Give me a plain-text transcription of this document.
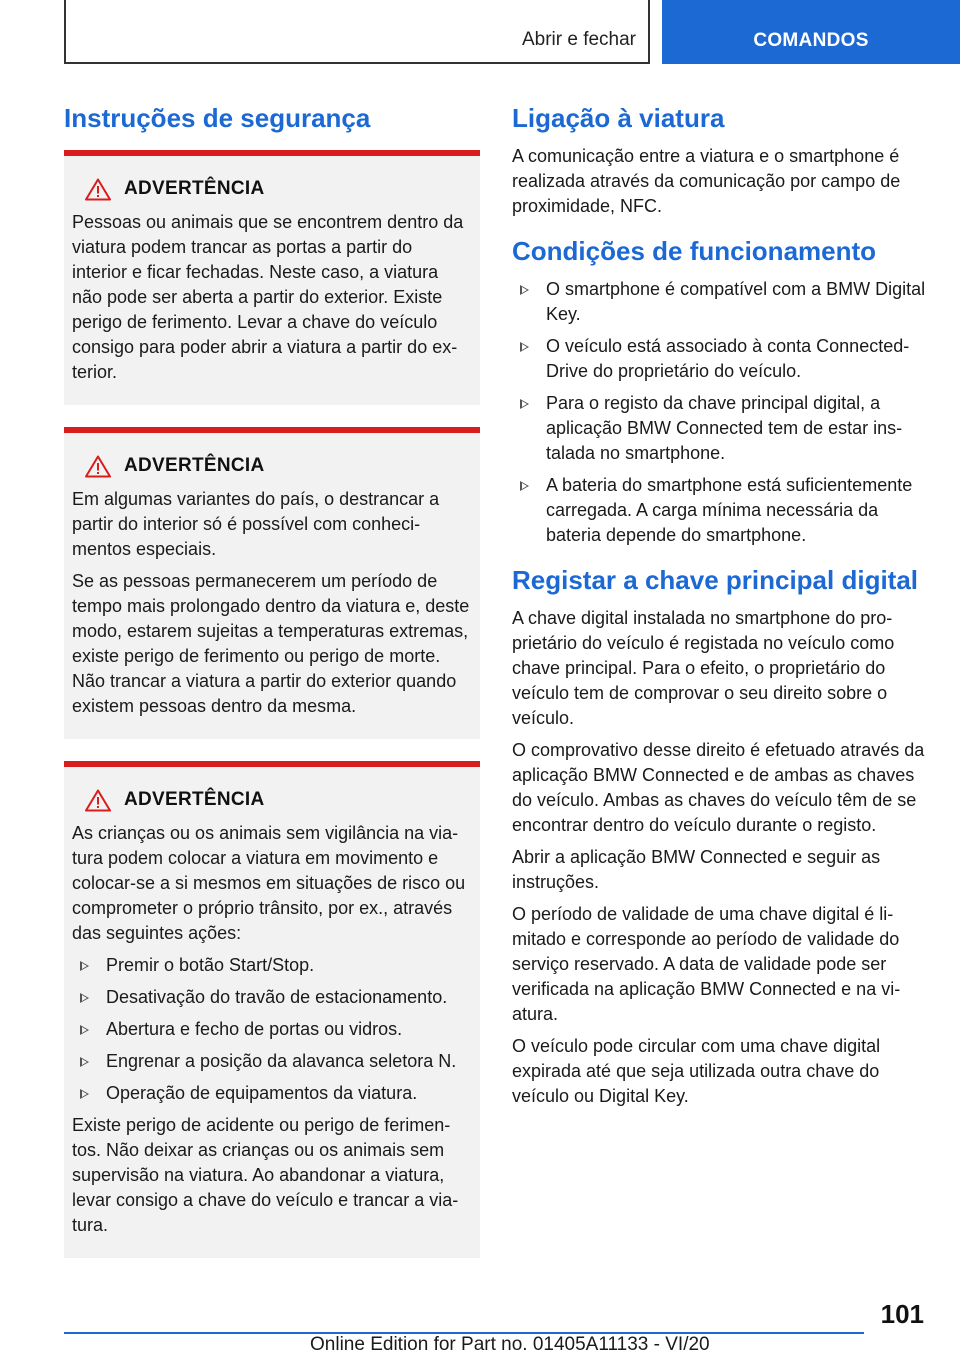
Abrir e fechar	COMANDOS
Instruções de segurança
ADVERTÊNCIA

Pessoas ou animais que se encontrem dentro da viatura podem trancar as portas a partir do interior e ficar fechadas. Neste caso, a viatura não pode ser aberta a partir do exterior. Existe perigo de ferimento. Levar a chave do veículo consigo para poder abrir a viatura a partir do exterior.

ADVERTÊNCIA

Em algumas variantes do país, o destrancar a partir do interior só é possível com conhecimentos especiais.

Se as pessoas permanecerem um período de tempo mais prolongado dentro da viatura e, deste modo, estarem sujeitas a temperaturas extremas, existe perigo de ferimento ou perigo de morte. Não trancar a viatura a partir do exterior quando existem pessoas dentro da mesma.

ADVERTÊNCIA

As crianças ou os animais sem vigilância na viatura podem colocar a viatura em movimento e colocar-se a si mesmos em situações de risco ou comprometer o próprio trânsito, por ex., através das seguintes ações:

Premir o botão Start/Stop.
Desativação do travão de estacionamento.
Abertura e fecho de portas ou vidros.
Engrenar a posição da alavanca seletora N.
Operação de equipamentos da viatura.

Existe perigo de acidente ou perigo de ferimentos. Não deixar as crianças ou os animais sem supervisão na viatura. Ao abandonar a viatura, levar consigo a chave do veículo e trancar a viatura.

Ligação à viatura

A comunicação entre a viatura e o smartphone é realizada através da comunicação por campo de proximidade, NFC.

Condições de funcionamento
O smartphone é compatível com a BMW Digital Key.
O veículo está associado à conta ConnectedDrive do proprietário do veículo.
Para o registo da chave principal digital, a aplicação BMW Connected tem de estar instalada no smartphone.
A bateria do smartphone está suficientemente carregada. A carga mínima necessária da bateria depende do smartphone.
Registar a chave principal digital

A chave digital instalada no smartphone do proprietário do veículo é registada no veículo como chave principal. Para o efeito, o proprietário do veículo tem de comprovar o seu direito sobre o veículo.

O comprovativo desse direito é efetuado através da aplicação BMW Connected e de ambas as chaves do veículo. Ambas as chaves do veículo têm de se encontrar dentro do veículo durante o registo.

Abrir a aplicação BMW Connected e seguir as instruções.

O período de validade de uma chave digital é limitado e corresponde ao período de validade do serviço reservado. A data de validade pode ser verificada na aplicação BMW Connected e na viatura.

O veículo pode circular com uma chave digital expirada até que seja utilizada outra chave do veículo ou Digital Key.

101
Online Edition for Part no. 01405A11133 - VI/20
